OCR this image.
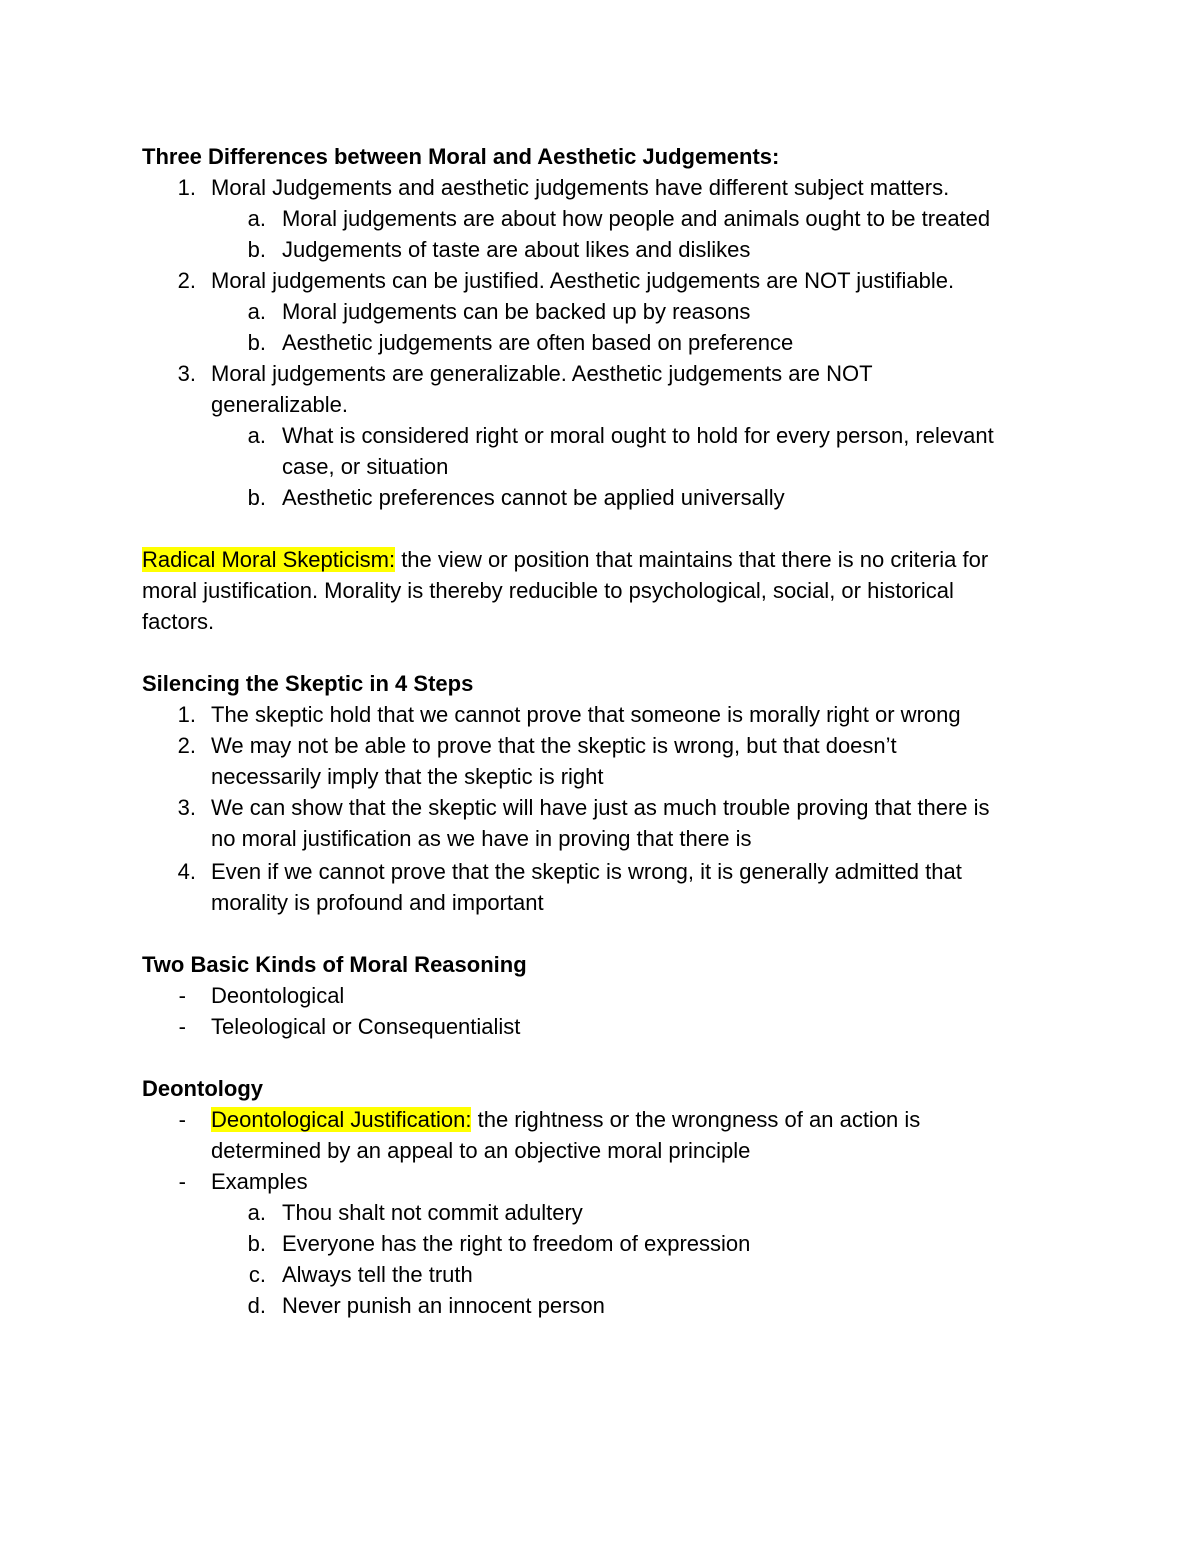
Three Differences between Moral and Aesthetic Judgements:
1. Moral Judgements and aesthetic judgements have different subject matters.
a. Moral judgements are about how people and animals ought to be treated
b. Judgements of taste are about likes and dislikes
2. Moral judgements can be justified. Aesthetic judgements are NOT justifiable.
a. Moral judgements can be backed up by reasons
b. Aesthetic judgements are often based on preference
3. Moral judgements are generalizable. Aesthetic judgements are NOT
generalizable.
a. What is considered right or moral ought to hold for every person, relevant
case, or situation
b. Aesthetic preferences cannot be applied universally
Radical Moral Skepticism: the view or position that maintains that there is no criteria for
moral justification. Morality is thereby reducible to psychological, social, or historical
factors.
Silencing the Skeptic in 4 Steps
1. The skeptic hold that we cannot prove that someone is morally right or wrong
2. We may not be able to prove that the skeptic is wrong, but that doesn’t
necessarily imply that the skeptic is right
3. We can show that the skeptic will have just as much trouble proving that there is
no moral justification as we have in proving that there is
4. Even if we cannot prove that the skeptic is wrong, it is generally admitted that
morality is profound and important
Two Basic Kinds of Moral Reasoning
- Deontological
- Teleological or Consequentialist
Deontology
- Deontological Justification: the rightness or the wrongness of an action is
determined by an appeal to an objective moral principle
- Examples
a. Thou shalt not commit adultery
b. Everyone has the right to freedom of expression
c. Always tell the truth
d. Never punish an innocent person
